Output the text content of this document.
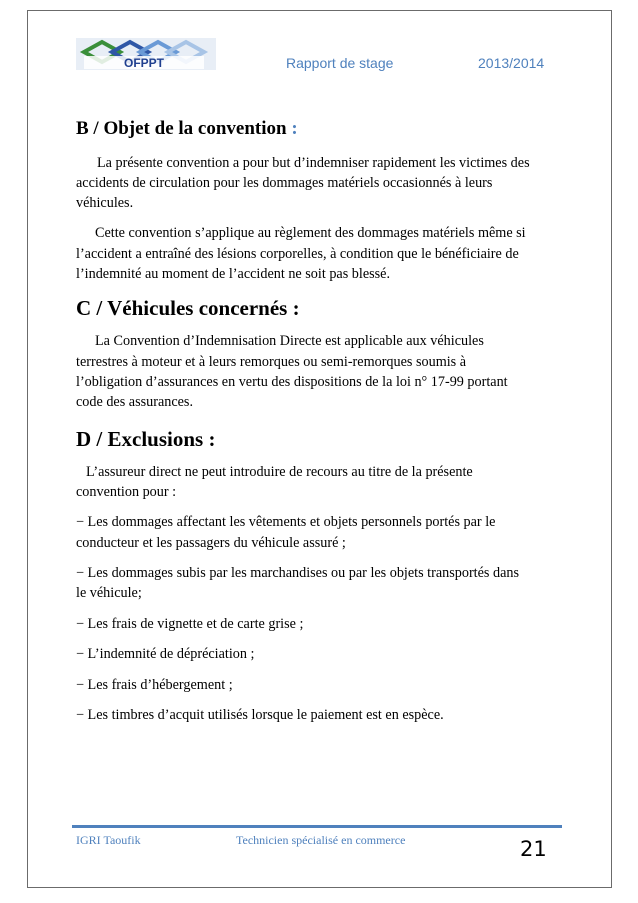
OFPPT	Rapport de stage	2013/2014
B / Objet de la convention :
La présente convention a pour but d’indemniser rapidement les victimes des
accidents de circulation pour les dommages matériels occasionnés à leurs
véhicules.
Cette convention s’applique au règlement des dommages matériels même si
l’accident a entraîné des lésions corporelles, à condition que le bénéficiaire de
l’indemnité au moment de l’accident ne soit pas blessé.
C / Véhicules concernés :
La Convention d’Indemnisation Directe est applicable aux véhicules
terrestres à moteur et à leurs remorques ou semi-remorques soumis à
l’obligation d’assurances en vertu des dispositions de la loi n° 17-99 portant
code des assurances.
D / Exclusions :
L’assureur direct ne peut introduire de recours au titre de la présente
convention pour :
− Les dommages affectant les vêtements et objets personnels portés par le
conducteur et les passagers du véhicule assuré ;
− Les dommages subis par les marchandises ou par les objets transportés dans
le véhicule;
− Les frais de vignette et de carte grise ;
− L’indemnité de dépréciation ;
− Les frais d’hébergement ;
− Les timbres d’acquit utilisés lorsque le paiement est en espèce.
IGRI Taoufik	Technicien spécialisé en commerce	21
